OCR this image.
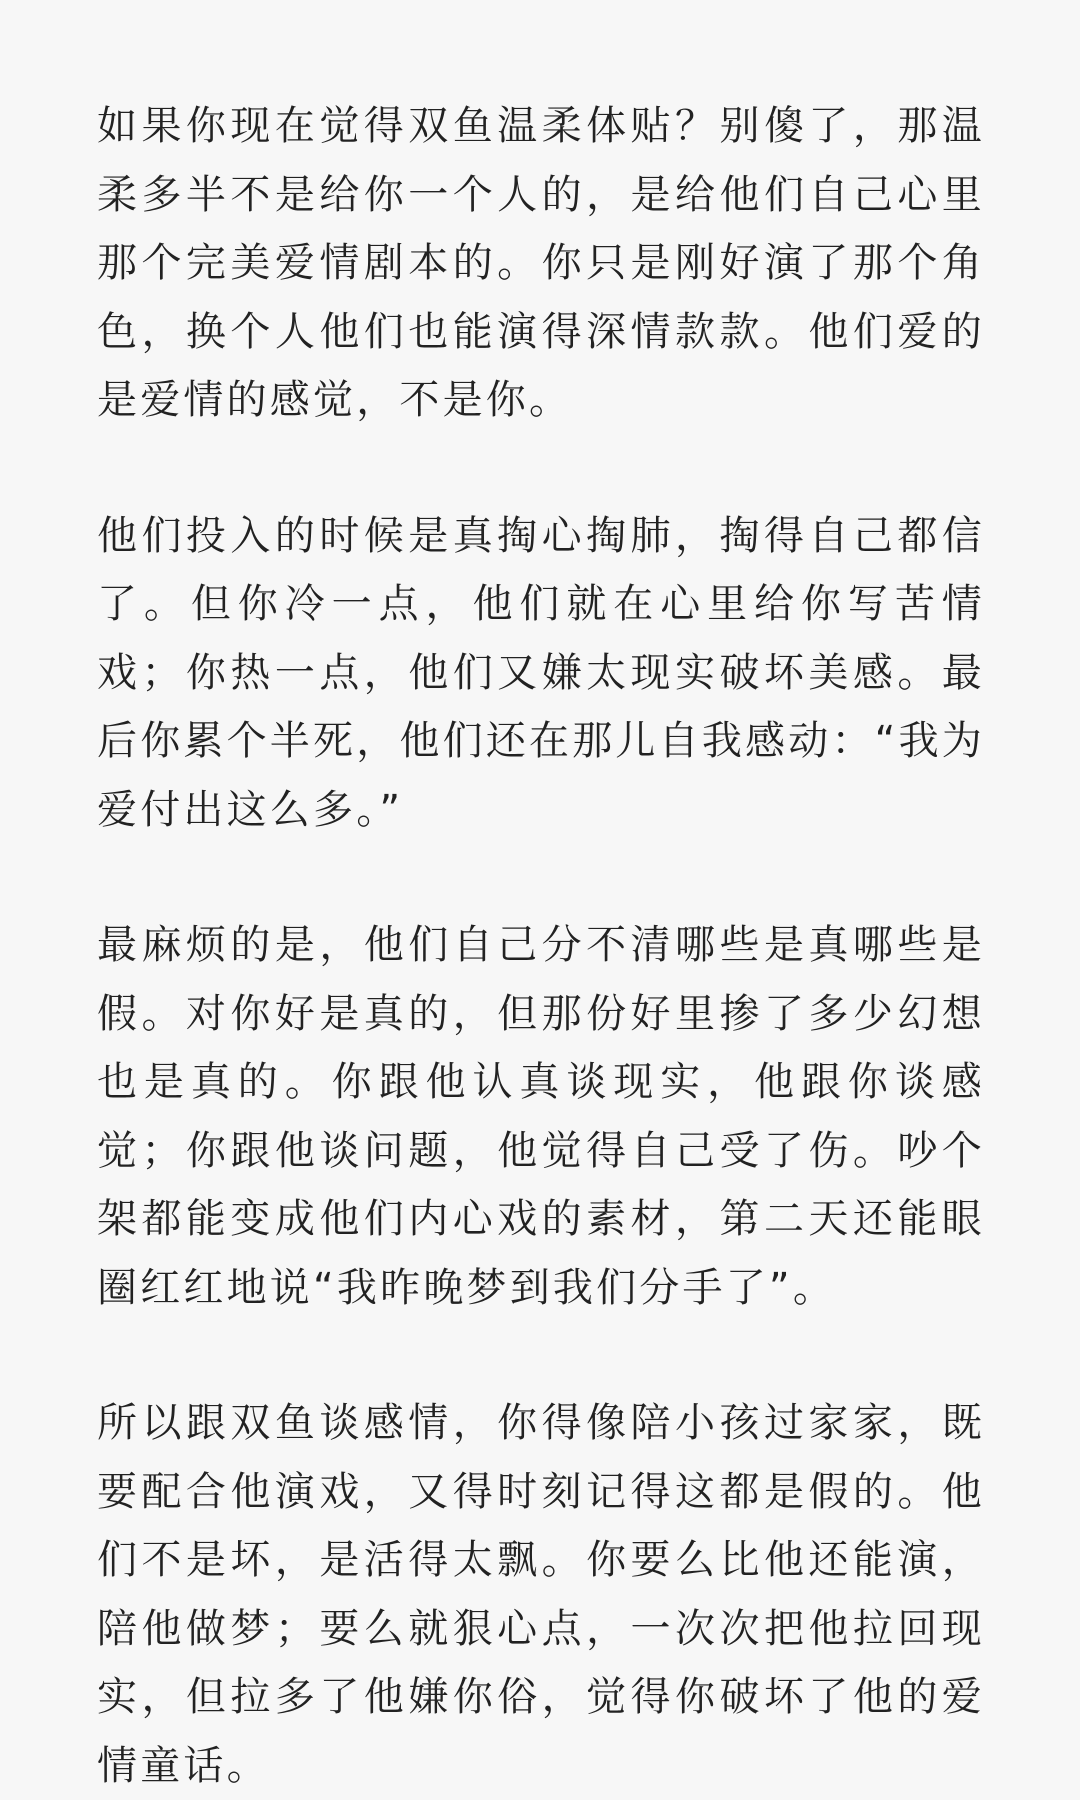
如果你现在觉得双鱼温柔体贴？别傻了，那温柔多半不是给你一个人的，是给他们自己心里那个完美爱情剧本的。你只是刚好演了那个角色，换个人他们也能演得深情款款。他们爱的是爱情的感觉，不是你。

他们投入的时候是真掏心掏肺，掏得自己都信了。但你冷一点，他们就在心里给你写苦情戏；你热一点，他们又嫌太现实破坏美感。最后你累个半死，他们还在那儿自我感动：“我为爱付出这么多。”

最麻烦的是，他们自己分不清哪些是真哪些是假。对你好是真的，但那份好里掺了多少幻想也是真的。你跟他认真谈现实，他跟你谈感觉；你跟他谈问题，他觉得自己受了伤。吵个架都能变成他们内心戏的素材，第二天还能眼圈红红地说“我昨晚梦到我们分手了”。

所以跟双鱼谈感情，你得像陪小孩过家家，既要配合他演戏，又得时刻记得这都是假的。他们不是坏，是活得太飘。你要么比他还能演，陪他做梦；要么就狠心点，一次次把他拉回现实，但拉多了他嫌你俗，觉得你破坏了他的爱情童话。
